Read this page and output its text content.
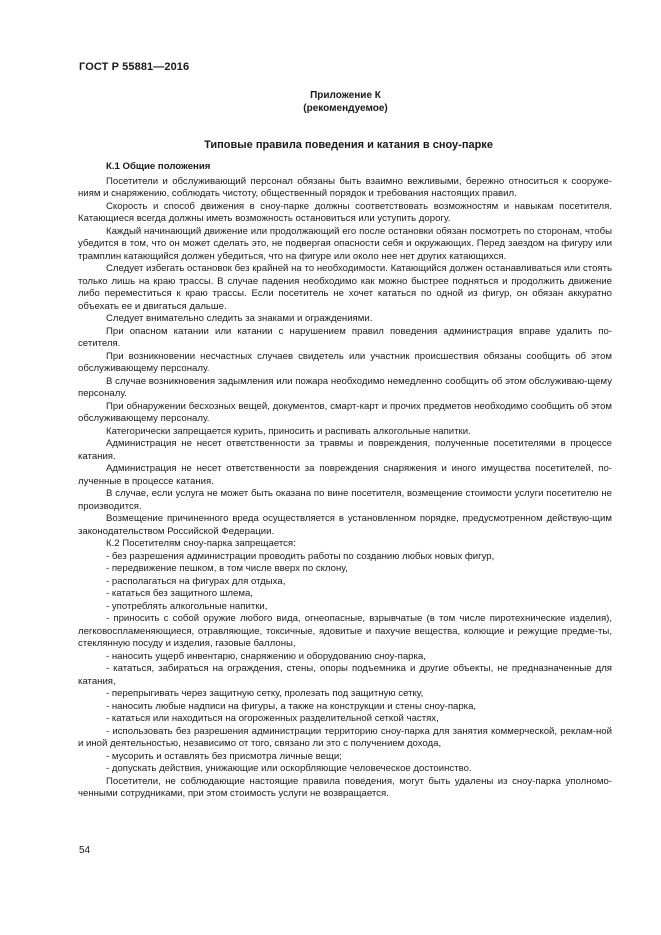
ГОСТ Р 55881—2016
Приложение К
(рекомендуемое)
Типовые правила поведения и катания в сноу-парке

К.1 Общие положения

Посетители и обслуживающий персонал обязаны быть взаимно вежливыми, бережно относиться к сооруже-ниям и снаряжению, соблюдать чистоту, общественный порядок и требования настоящих правил.

Скорость и способ движения в сноу-парке должны соответствовать возможностям и навыкам посетителя. Катающиеся всегда должны иметь возможность остановиться или уступить дорогу.

Каждый начинающий движение или продолжающий его после остановки обязан посмотреть по сторонам, чтобы убедится в том, что он может сделать это, не подвергая опасности себя и окружающих. Перед заездом на фигуру или трамплин катающийся должен убедиться, что на фигуре или около нее нет других катающихся.

Следует избегать остановок без крайней на то необходимости. Катающийся должен останавливаться или стоять только лишь на краю трассы. В случае падения необходимо как можно быстрее подняться и продолжить движение либо переместиться к краю трассы. Если посетитель не хочет кататься по одной из фигур, он обязан аккуратно объехать ее и двигаться дальше.

Следует внимательно следить за знаками и ограждениями.

При опасном катании или катании с нарушением правил поведения администрация вправе удалить по-сетителя.

При возникновении несчастных случаев свидетель или участник происшествия обязаны сообщить об этом обслуживающему персоналу.

В случае возникновения задымления или пожара необходимо немедленно сообщить об этом обслуживаю-щему персоналу.

При обнаружении бесхозных вещей, документов, смарт-карт и прочих предметов необходимо сообщить об этом обслуживающему персоналу.

Категорически запрещается курить, приносить и распивать алкогольные напитки.

Администрация не несет ответственности за травмы и повреждения, полученные посетителями в процессе катания.

Администрация не несет ответственности за повреждения снаряжения и иного имущества посетителей, по-лученные в процессе катания.

В случае, если услуга не может быть оказана по вине посетителя, возмещение стоимости услуги посетителю не производится.

Возмещение причиненного вреда осуществляется в установленном порядке, предусмотренном действую-щим законодательством Российской Федерации.

К.2 Посетителям сноу-парка запрещается:

- без разрешения администрации проводить работы по созданию любых новых фигур,

- передвижение пешком, в том числе вверх по склону,

- располагаться на фигурах для отдыха,

- кататься без защитного шлема,

- употреблять алкогольные напитки,

- приносить с собой оружие любого вида, огнеопасные, взрывчатые (в том числе пиротехнические изделия), легковоспламеняющиеся, отравляющие, токсичные, ядовитые и пахучие вещества, колющие и режущие предме-ты, стеклянную посуду и изделия, газовые баллоны,

- наносить ущерб инвентарю, снаряжению и оборудованию сноу-парка,

- кататься, забираться на ограждения, стены, опоры подъемника и другие объекты, не предназначенные для катания,

- перепрыгивать через защитную сетку, пролезать под защитную сетку,

- наносить любые надписи на фигуры, а также на конструкции и стены сноу-парка,

- кататься или находиться на огороженных разделительной сеткой частях,

- использовать без разрешения администрации территорию сноу-парка для занятия коммерческой, реклам-ной и иной деятельностью, независимо от того, связано ли это с получением дохода,

- мусорить и оставлять без присмотра личные вещи;

- допускать действия, унижающие или оскорбляющие человеческое достоинство.

Посетители, не соблюдающие настоящие правила поведения, могут быть удалены из сноу-парка уполномо-ченными сотрудниками, при этом стоимость услуги не возвращается.

54
